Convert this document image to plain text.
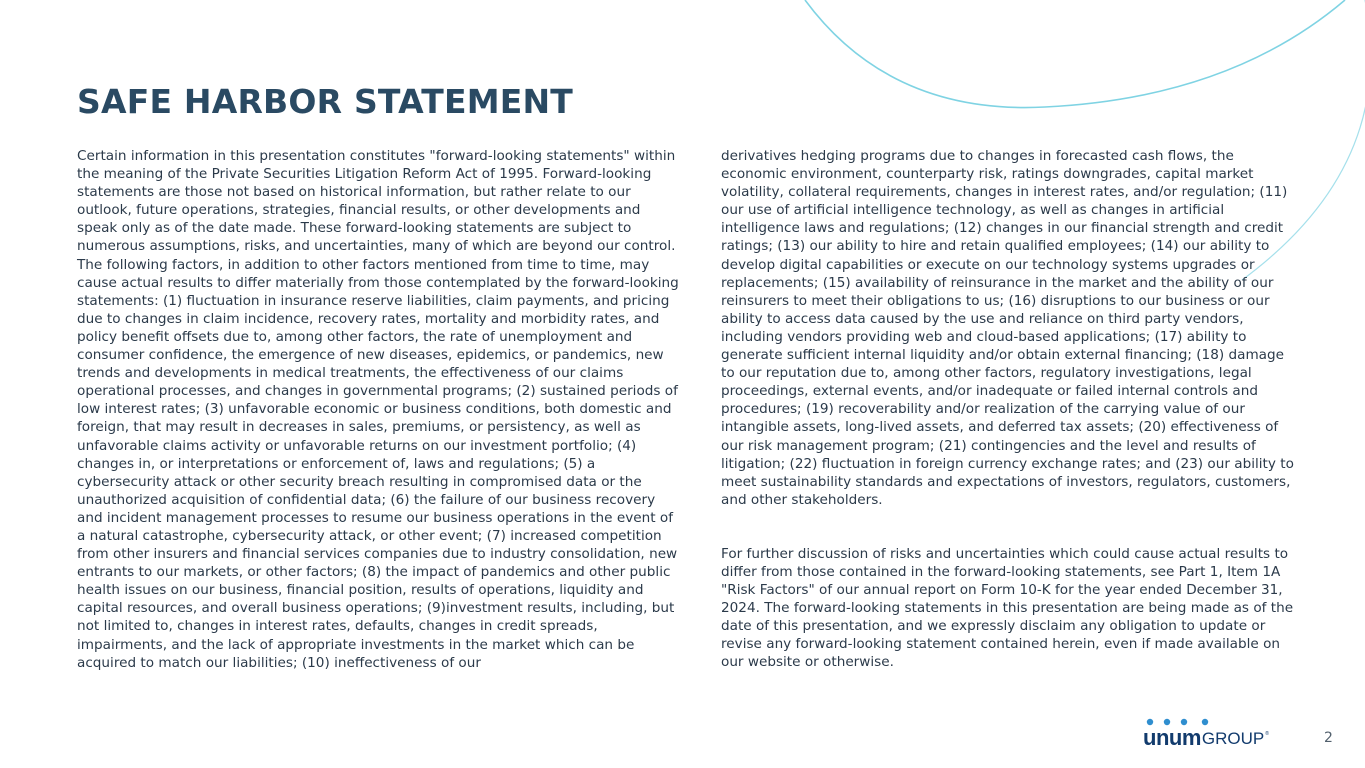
SAFE HARBOR STATEMENT

Certain information in this presentation constitutes "forward-looking statements" within the meaning of the Private Securities Litigation Reform Act of 1995. Forward-looking statements are those not based on historical information, but rather relate to our outlook, future operations, strategies, financial results, or other developments and speak only as of the date made. These forward-looking statements are subject to numerous assumptions, risks, and uncertainties, many of which are beyond our control. The following factors, in addition to other factors mentioned from time to time, may cause actual results to differ materially from those contemplated by the forward-looking statements: (1) fluctuation in insurance reserve liabilities, claim payments, and pricing due to changes in claim incidence, recovery rates, mortality and morbidity rates, and policy benefit offsets due to, among other factors, the rate of unemployment and consumer confidence, the emergence of new diseases, epidemics, or pandemics, new trends and developments in medical treatments, the effectiveness of our claims operational processes, and changes in governmental programs; (2) sustained periods of low interest rates; (3) unfavorable economic or business conditions, both domestic and foreign, that may result in decreases in sales, premiums, or persistency, as well as unfavorable claims activity or unfavorable returns on our investment portfolio; (4) changes in, or interpretations or enforcement of, laws and regulations; (5) a cybersecurity attack or other security breach resulting in compromised data or the unauthorized acquisition of confidential data; (6) the failure of our business recovery and incident management processes to resume our business operations in the event of a natural catastrophe, cybersecurity attack, or other event; (7) increased competition from other insurers and financial services companies due to industry consolidation, new entrants to our markets, or other factors; (8) the impact of pandemics and other public health issues on our business, financial position, results of operations, liquidity and capital resources, and overall business operations; (9)investment results, including, but not limited to, changes in interest rates, defaults, changes in credit spreads, impairments, and the lack of appropriate investments in the market which can be acquired to match our liabilities; (10) ineffectiveness of our

derivatives hedging programs due to changes in forecasted cash flows, the economic environment, counterparty risk, ratings downgrades, capital market volatility, collateral requirements, changes in interest rates, and/or regulation; (11) our use of artificial intelligence technology, as well as changes in artificial intelligence laws and regulations; (12) changes in our financial strength and credit ratings; (13) our ability to hire and retain qualified employees; (14) our ability to develop digital capabilities or execute on our technology systems upgrades or replacements; (15) availability of reinsurance in the market and the ability of our reinsurers to meet their obligations to us; (16) disruptions to our business or our ability to access data caused by the use and reliance on third party vendors, including vendors providing web and cloud-based applications; (17) ability to generate sufficient internal liquidity and/or obtain external financing; (18) damage to our reputation due to, among other factors, regulatory investigations, legal proceedings, external events, and/or inadequate or failed internal controls and procedures; (19) recoverability and/or realization of the carrying value of our intangible assets, long-lived assets, and deferred tax assets; (20) effectiveness of our risk management program; (21) contingencies and the level and results of litigation; (22) fluctuation in foreign currency exchange rates; and (23) our ability to meet sustainability standards and expectations of investors, regulators, customers, and other stakeholders.

For further discussion of risks and uncertainties which could cause actual results to differ from those contained in the forward-looking statements, see Part 1, Item 1A "Risk Factors" of our annual report on Form 10-K for the year ended December 31, 2024. The forward-looking statements in this presentation are being made as of the date of this presentation, and we expressly disclaim any obligation to update or revise any forward-looking statement contained herein, even if made available on our website or otherwise.

unum GROUP ®	2
